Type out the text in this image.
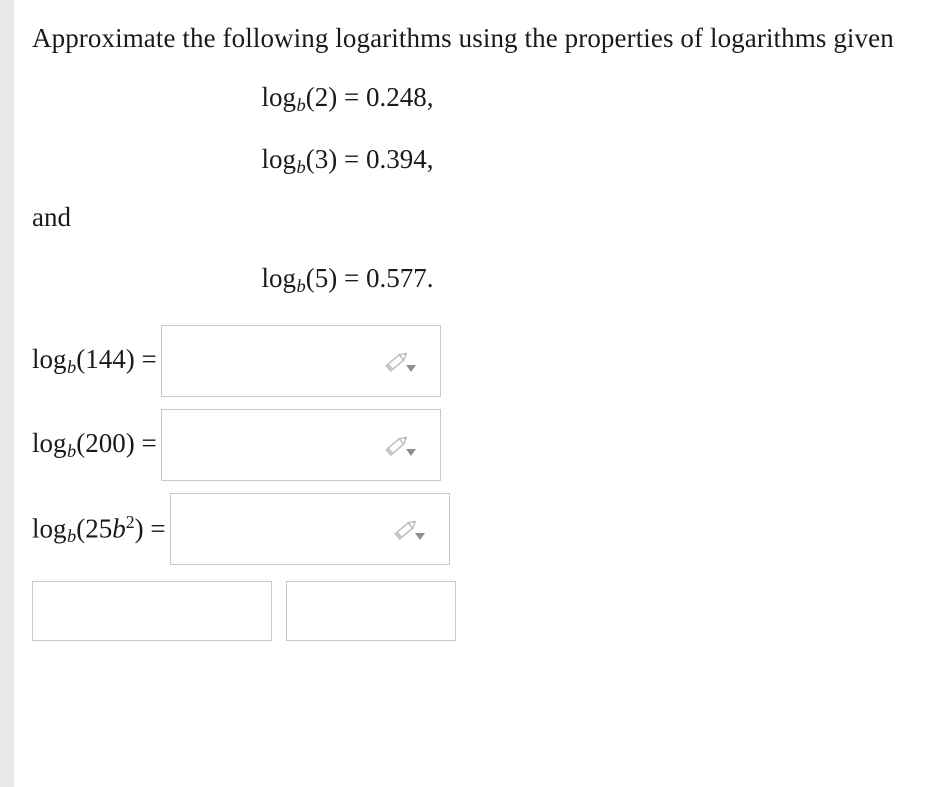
Approximate the following logarithms using the properties of logarithms given

$\log_b(2) = 0.248$,
$\log_b(3) = 0.394$,

and

$\log_b(5) = 0.577$.
$\log_b(144)$ =
$\log_b(200)$ =
$\log_b(25b^2)$ =
